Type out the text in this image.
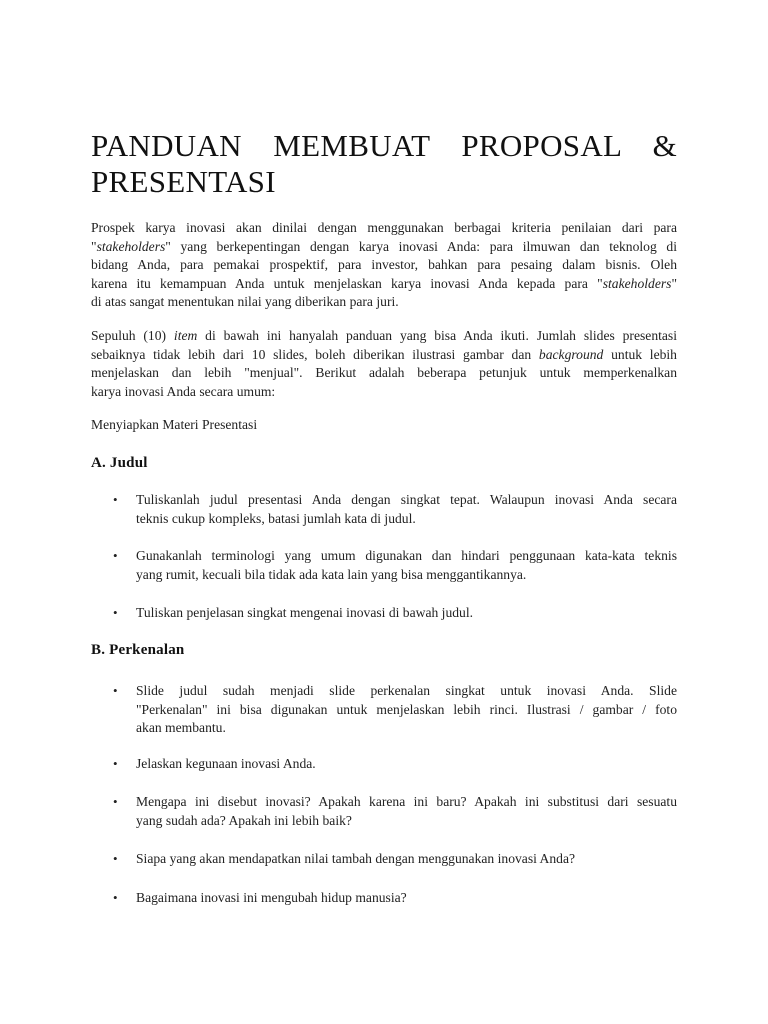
PANDUAN MEMBUAT PROPOSAL &
PRESENTASI

Prospek karya inovasi akan dinilai dengan menggunakan berbagai kriteria penilaian dari para
"stakeholders" yang berkepentingan dengan karya inovasi Anda: para ilmuwan dan teknolog di
bidang Anda, para pemakai prospektif, para investor, bahkan para pesaing dalam bisnis. Oleh
karena itu kemampuan Anda untuk menjelaskan karya inovasi Anda kepada para "stakeholders"
di atas sangat menentukan nilai yang diberikan para juri.

Sepuluh (10) item di bawah ini hanyalah panduan yang bisa Anda ikuti. Jumlah slides presentasi
sebaiknya tidak lebih dari 10 slides, boleh diberikan ilustrasi gambar dan background untuk lebih
menjelaskan dan lebih "menjual". Berikut adalah beberapa petunjuk untuk memperkenalkan
karya inovasi Anda secara umum:

Menyiapkan Materi Presentasi

A. Judul
•	Tuliskanlah judul presentasi Anda dengan singkat tepat. Walaupun inovasi Anda secara
teknis cukup kompleks, batasi jumlah kata di judul.
•	Gunakanlah terminologi yang umum digunakan dan hindari penggunaan kata-kata teknis
yang rumit, kecuali bila tidak ada kata lain yang bisa menggantikannya.
•	Tuliskan penjelasan singkat mengenai inovasi di bawah judul.
B. Perkenalan
•	Slide judul sudah menjadi slide perkenalan singkat untuk inovasi Anda. Slide
"Perkenalan" ini bisa digunakan untuk menjelaskan lebih rinci. Ilustrasi / gambar / foto
akan membantu.
•	Jelaskan kegunaan inovasi Anda.
•	Mengapa ini disebut inovasi? Apakah karena ini baru? Apakah ini substitusi dari sesuatu
yang sudah ada? Apakah ini lebih baik?
•	Siapa yang akan mendapatkan nilai tambah dengan menggunakan inovasi Anda?
•	Bagaimana inovasi ini mengubah hidup manusia?
